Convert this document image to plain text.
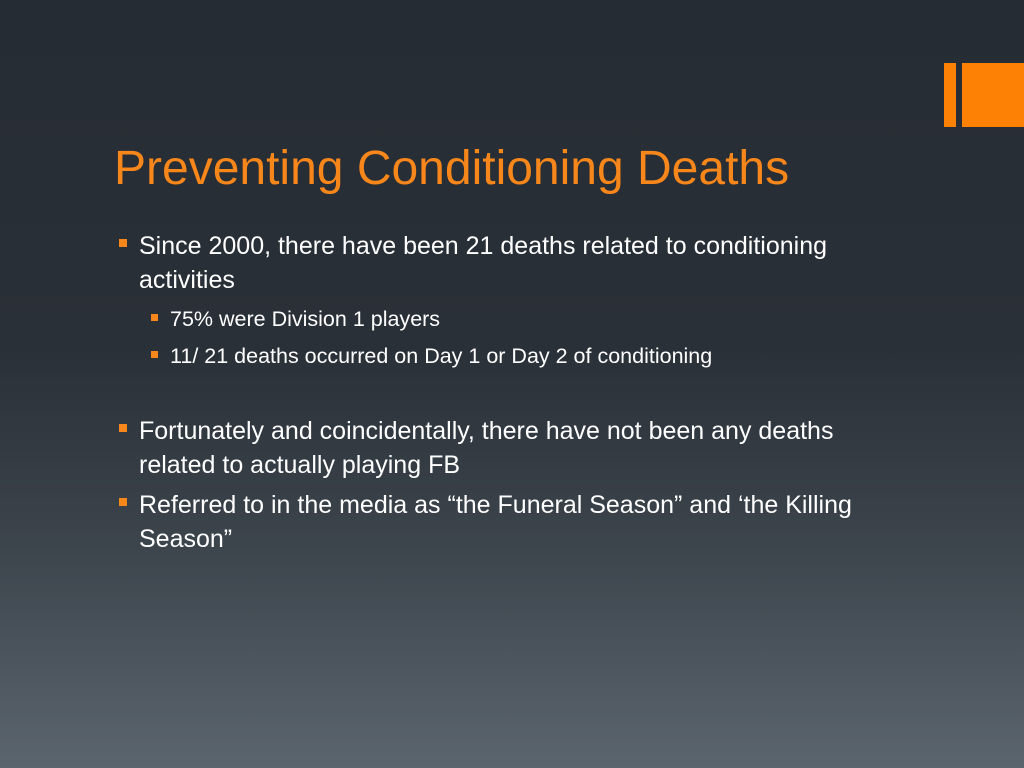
Preventing Conditioning Deaths
Since 2000, there have been 21 deaths related to conditioning activities
75% were Division 1 players
11/ 21 deaths occurred on Day 1 or Day 2 of conditioning
Fortunately and coincidentally, there have not been any deaths related to actually playing FB
Referred to in the media as “the Funeral Season” and ‘the Killing Season”
